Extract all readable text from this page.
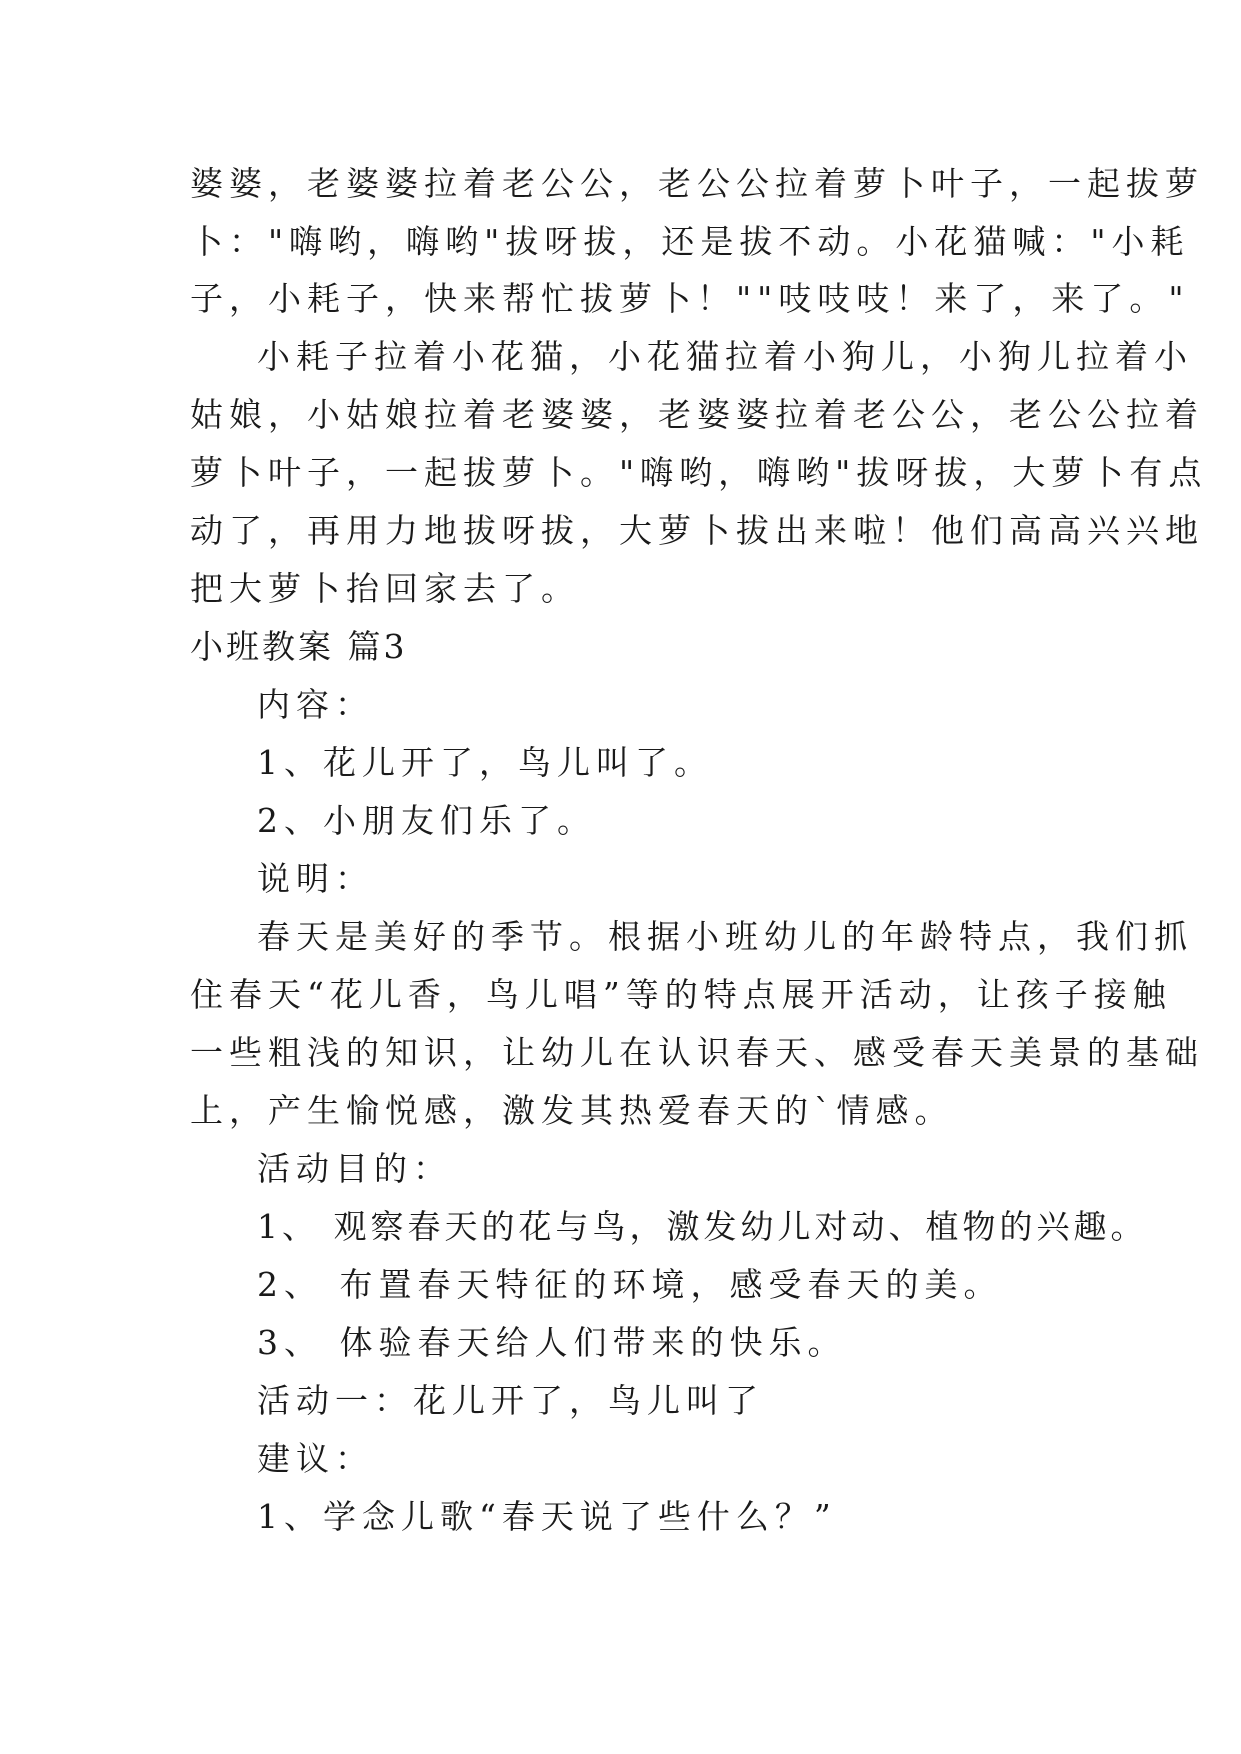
婆婆，老婆婆拉着老公公，老公公拉着萝卜叶子，一起拔萝
卜："嗨哟，嗨哟"拔呀拔，还是拔不动。小花猫喊："小耗
子，小耗子，快来帮忙拔萝卜！""吱吱吱！来了，来了。"
小耗子拉着小花猫，小花猫拉着小狗儿，小狗儿拉着小
姑娘，小姑娘拉着老婆婆，老婆婆拉着老公公，老公公拉着
萝卜叶子，一起拔萝卜。"嗨哟，嗨哟"拔呀拔，大萝卜有点
动了，再用力地拔呀拔，大萝卜拔出来啦！他们高高兴兴地
把大萝卜抬回家去了。
小班教案 篇3
内容：
1、花儿开了，鸟儿叫了。
2、小朋友们乐了。
说明：
春天是美好的季节。根据小班幼儿的年龄特点，我们抓
住春天“花儿香，鸟儿唱”等的特点展开活动，让孩子接触
一些粗浅的知识，让幼儿在认识春天、感受春天美景的基础
上，产生愉悦感，激发其热爱春天的`情感。
活动目的：
1、 观察春天的花与鸟，激发幼儿对动、植物的兴趣。
2、 布置春天特征的环境，感受春天的美。
3、 体验春天给人们带来的快乐。
活动一：花儿开了，鸟儿叫了
建议：
1、学念儿歌“春天说了些什么？”
